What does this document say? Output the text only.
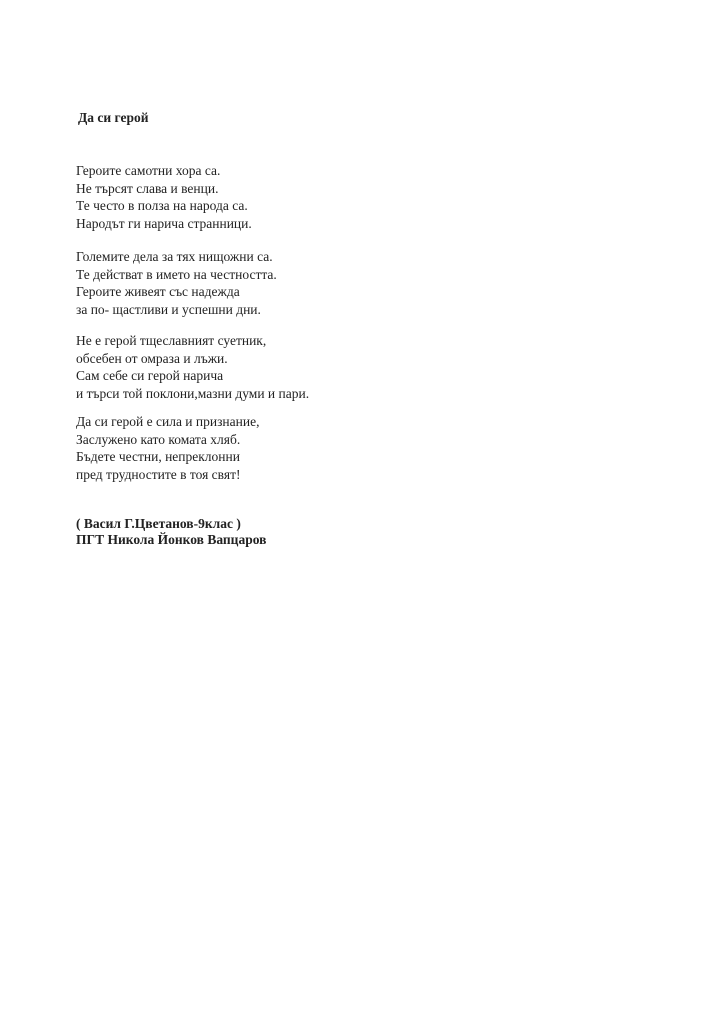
Да си герой
Героите самотни хора са.
Не търсят слава и венци.
Те често в полза на народа са.
Народът ги нарича странници.
Големите дела за тях нищожни са.
Те действат в името на честността.
Героите живеят със надежда
за по- щастливи и успешни дни.
Не е герой тщеславният суетник,
обсебен от омраза и лъжи.
Сам себе си герой нарича
и търси той поклони,мазни думи и пари.
Да си герой е сила и признание,
Заслужено като комата хляб.
Бъдете честни, непреклонни
пред трудностите в тоя свят!
( Васил Г.Цветанов-9клас )
ПГТ Никола Йонков Вапцаров
